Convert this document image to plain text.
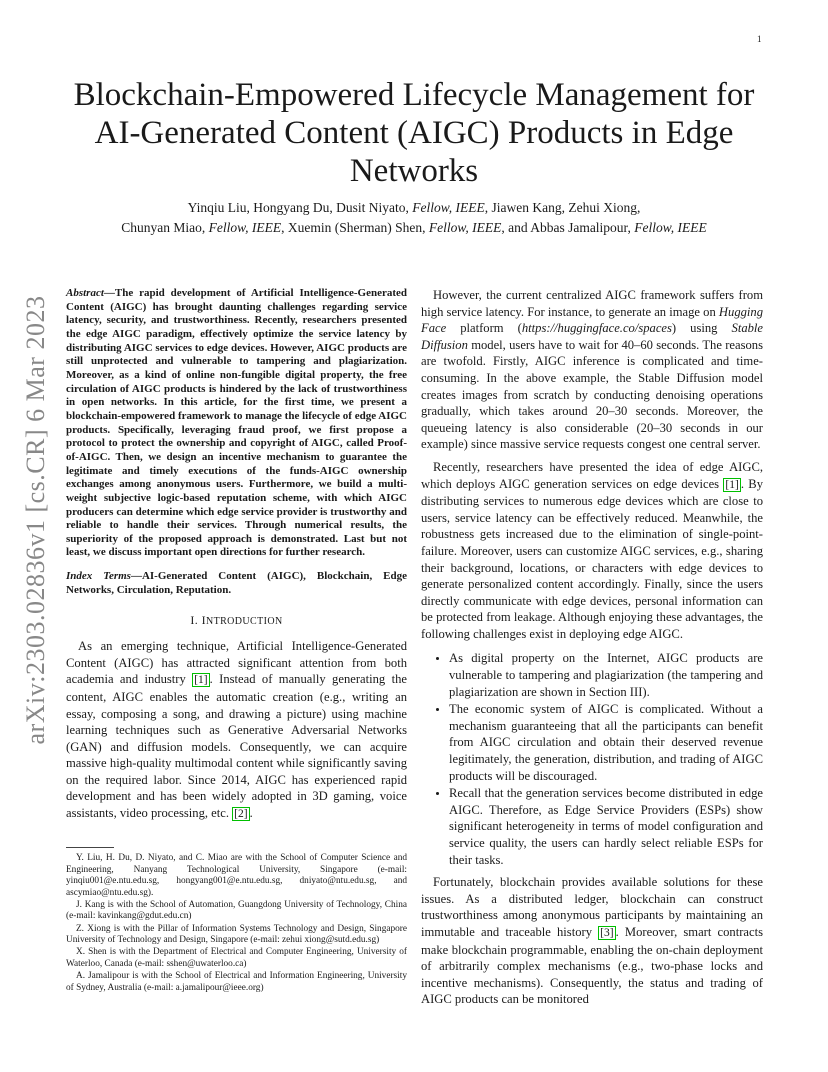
1
arXiv:2303.02836v1 [cs.CR] 6 Mar 2023
Blockchain-Empowered Lifecycle Management for AI-Generated Content (AIGC) Products in Edge Networks
Yinqiu Liu, Hongyang Du, Dusit Niyato, Fellow, IEEE, Jiawen Kang, Zehui Xiong,
Chunyan Miao, Fellow, IEEE, Xuemin (Sherman) Shen, Fellow, IEEE, and Abbas Jamalipour, Fellow, IEEE
Abstract—The rapid development of Artificial Intelligence-Generated Content (AIGC) has brought daunting challenges regarding service latency, security, and trustworthiness. Recently, researchers presented the edge AIGC paradigm, effectively optimize the service latency by distributing AIGC services to edge devices. However, AIGC products are still unprotected and vulnerable to tampering and plagiarization. Moreover, as a kind of online non-fungible digital property, the free circulation of AIGC products is hindered by the lack of trustworthiness in open networks. In this article, for the first time, we present a blockchain-empowered framework to manage the lifecycle of edge AIGC products. Specifically, leveraging fraud proof, we first propose a protocol to protect the ownership and copyright of AIGC, called Proof-of-AIGC. Then, we design an incentive mechanism to guarantee the legitimate and timely executions of the funds-AIGC ownership exchanges among anonymous users. Furthermore, we build a multi-weight subjective logic-based reputation scheme, with which AIGC producers can determine which edge service provider is trustworthy and reliable to handle their services. Through numerical results, the superiority of the proposed approach is demonstrated. Last but not least, we discuss important open directions for further research.
Index Terms—AI-Generated Content (AIGC), Blockchain, Edge Networks, Circulation, Reputation.
I. INTRODUCTION

As an emerging technique, Artificial Intelligence-Generated Content (AIGC) has attracted significant attention from both academia and industry [1] . Instead of manually generating the content, AIGC enables the automatic creation (e.g., writing an essay, composing a song, and drawing a picture) using machine learning techniques such as Generative Adversarial Networks (GAN) and diffusion models. Consequently, we can acquire massive high-quality multimodal content while significantly saving on the required labor. Since 2014, AIGC has experienced rapid development and has been widely adopted in 3D gaming, voice assistants, video processing, etc. [2] .

Y. Liu, H. Du, D. Niyato, and C. Miao are with the School of Computer Science and Engineering, Nanyang Technological University, Singapore (e-mail: yinqiu001@e.ntu.edu.sg, hongyang001@e.ntu.edu.sg, dniyato@ntu.edu.sg, and ascymiao@ntu.edu.sg).
J. Kang is with the School of Automation, Guangdong University of Technology, China (e-mail: kavinkang@gdut.edu.cn)
Z. Xiong is with the Pillar of Information Systems Technology and Design, Singapore University of Technology and Design, Singapore (e-mail: zehui xiong@sutd.edu.sg)
X. Shen is with the Department of Electrical and Computer Engineering, University of Waterloo, Canada (e-mail: sshen@uwaterloo.ca)
A. Jamalipour is with the School of Electrical and Information Engineering, University of Sydney, Australia (e-mail: a.jamalipour@ieee.org)

However, the current centralized AIGC framework suffers from high service latency. For instance, to generate an image on Hugging Face platform (https://huggingface.co/spaces) using Stable Diffusion model, users have to wait for 40–60 seconds. The reasons are twofold. Firstly, AIGC inference is complicated and time-consuming. In the above example, the Stable Diffusion model creates images from scratch by conducting denoising operations gradually, which takes around 20–30 seconds. Moreover, the queueing latency is also considerable (20–30 seconds in our example) since massive service requests congest one central server.

Recently, researchers have presented the idea of edge AIGC, which deploys AIGC generation services on edge devices [1] . By distributing services to numerous edge devices which are close to users, service latency can be effectively reduced. Meanwhile, the robustness gets increased due to the elimination of single-point-failure. Moreover, users can customize AIGC services, e.g., sharing their background, locations, or characters with edge devices to generate personalized content accordingly. Finally, since the users directly communicate with edge devices, personal information can be protected from leakage. Although enjoying these advantages, the following challenges exist in deploying edge AIGC.

• As digital property on the Internet, AIGC products are vulnerable to tampering and plagiarization (the tampering and plagiarization are shown in Section III).
• The economic system of AIGC is complicated. Without a mechanism guaranteeing that all the participants can benefit from AIGC circulation and obtain their deserved revenue legitimately, the generation, distribution, and trading of AIGC products will be discouraged.
• Recall that the generation services become distributed in edge AIGC. Therefore, as Edge Service Providers (ESPs) show significant heterogeneity in terms of model configuration and service quality, the users can hardly select reliable ESPs for their tasks.

Fortunately, blockchain provides available solutions for these issues. As a distributed ledger, blockchain can construct trustworthiness among anonymous participants by maintaining an immutable and traceable history [3] . Moreover, smart contracts make blockchain programmable, enabling the on-chain deployment of arbitrarily complex mechanisms (e.g., two-phase locks and incentive mechanisms). Consequently, the status and trading of AIGC products can be monitored
